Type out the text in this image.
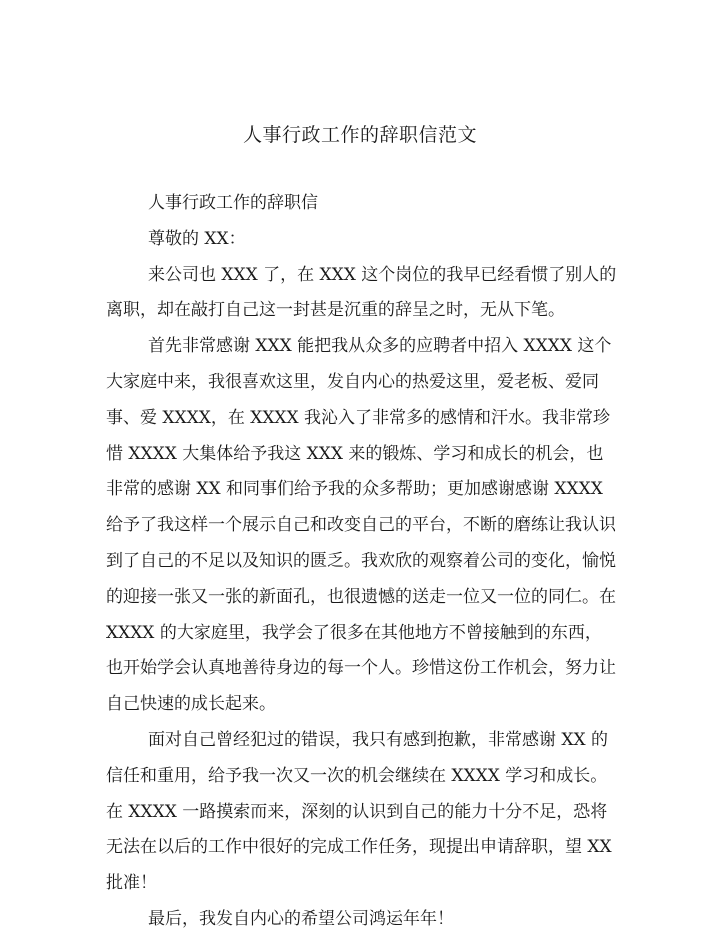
人事行政工作的辞职信范文

人事行政工作的辞职信

尊敬的 XX：

来公司也 XXX 了，在 XXX 这个岗位的我早已经看惯了别人的离职，却在敲打自己这一封甚是沉重的辞呈之时，无从下笔。

首先非常感谢 XXX 能把我从众多的应聘者中招入 XXXX 这个大家庭中来，我很喜欢这里，发自内心的热爱这里，爱老板、爱同事、爱 XXXX，在 XXXX 我沁入了非常多的感情和汗水。我非常珍惜 XXXX 大集体给予我这 XXX 来的锻炼、学习和成长的机会，也非常的感谢 XX 和同事们给予我的众多帮助；更加感谢感谢 XXXX 给予了我这样一个展示自己和改变自己的平台，不断的磨练让我认识到了自己的不足以及知识的匮乏。我欢欣的观察着公司的变化，愉悦的迎接一张又一张的新面孔，也很遗憾的送走一位又一位的同仁。在 XXXX 的大家庭里，我学会了很多在其他地方不曾接触到的东西，也开始学会认真地善待身边的每一个人。珍惜这份工作机会，努力让自己快速的成长起来。

面对自己曾经犯过的错误，我只有感到抱歉，非常感谢 XX 的信任和重用，给予我一次又一次的机会继续在 XXXX 学习和成长。在 XXXX 一路摸索而来，深刻的认识到自己的能力十分不足，恐将无法在以后的工作中很好的完成工作任务，现提出申请辞职，望 XX 批准！

最后，我发自内心的希望公司鸿运年年！
